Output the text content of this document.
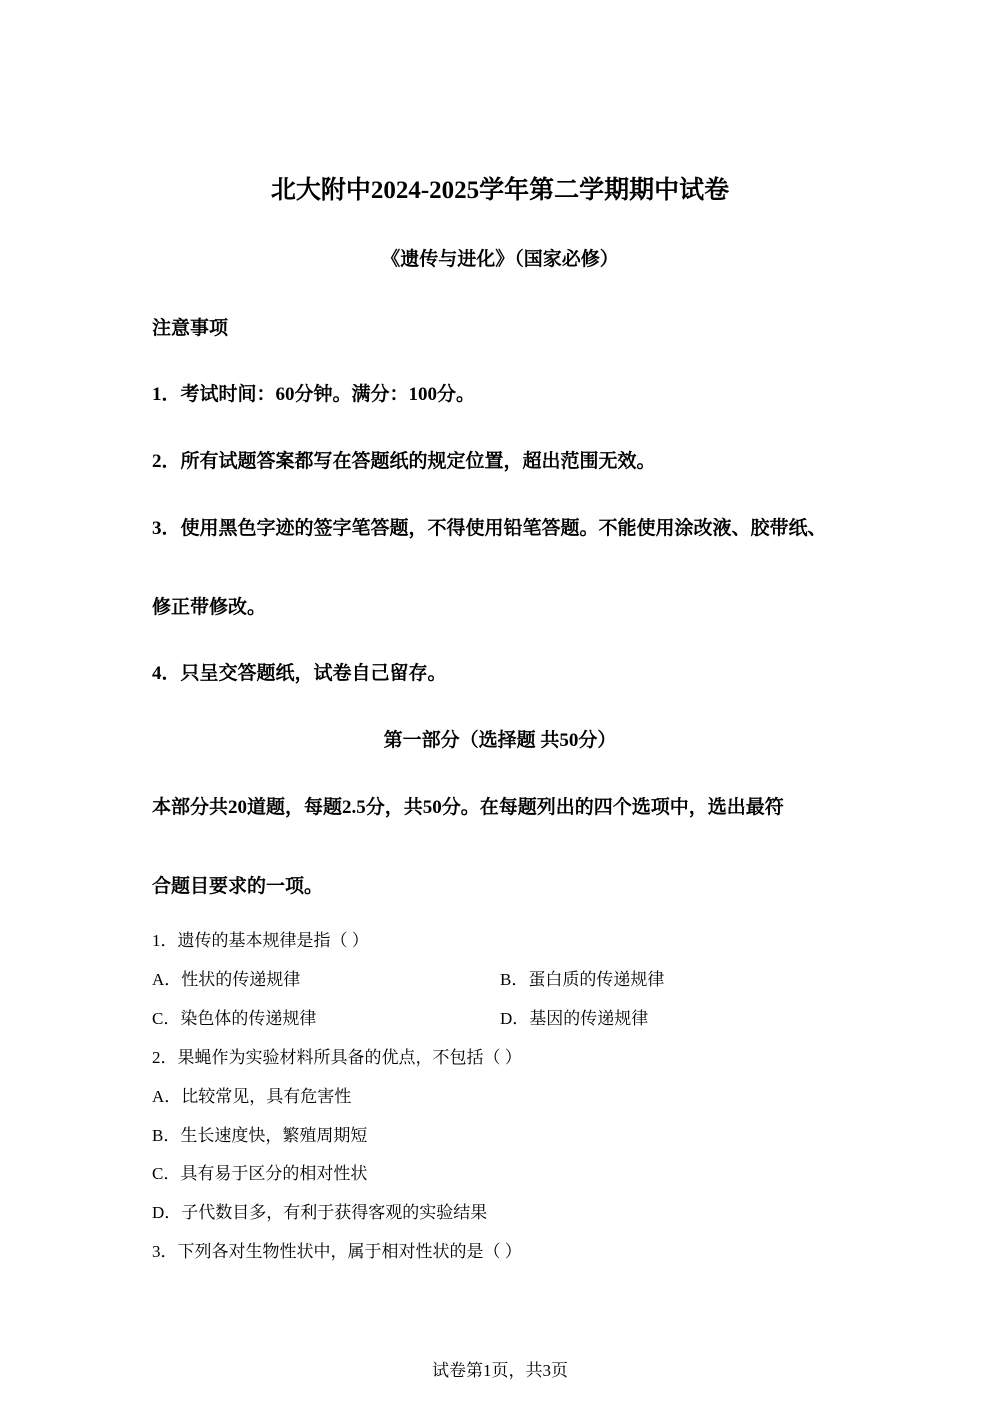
北大附中2024-2025学年第二学期期中试卷
《遗传与进化》（国家必修）
注意事项
1．考试时间：60分钟。满分：100分。
2．所有试题答案都写在答题纸的规定位置，超出范围无效。
3．使用黑色字迹的签字笔答题，不得使用铅笔答题。不能使用涂改液、胶带纸、
修正带修改。
4．只呈交答题纸，试卷自己留存。
第一部分（选择题 共50分）
本部分共20道题，每题2.5分，共50分。在每题列出的四个选项中，选出最符
合题目要求的一项。
1．遗传的基本规律是指（ ）
A．性状的传递规律	B．蛋白质的传递规律
C．染色体的传递规律	D．基因的传递规律
2．果蝇作为实验材料所具备的优点，不包括（ ）
A．比较常见，具有危害性
B．生长速度快，繁殖周期短
C．具有易于区分的相对性状
D．子代数目多，有利于获得客观的实验结果
3．下列各对生物性状中，属于相对性状的是（ ）
试卷第1页，共3页
